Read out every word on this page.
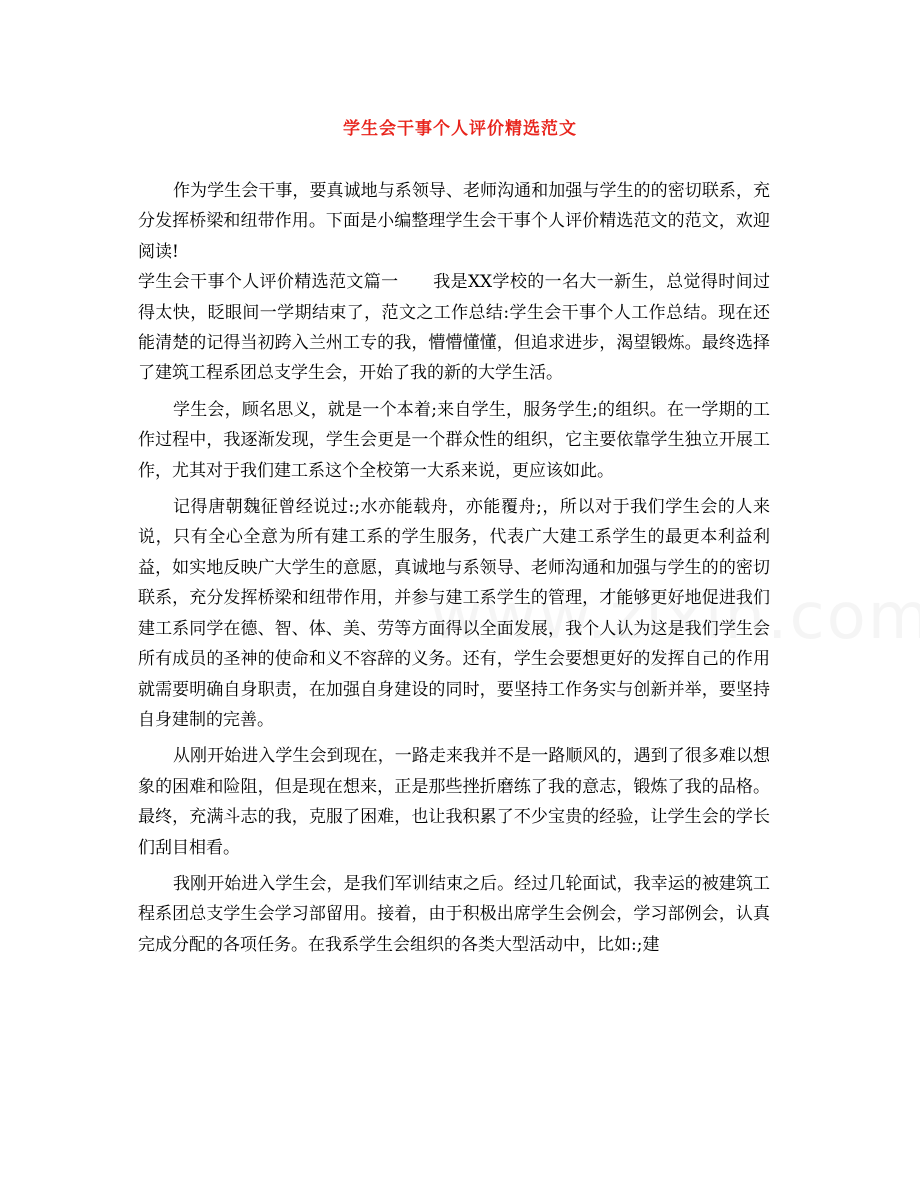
学生会干事个人评价精选范文

作为学生会干事，要真诚地与系领导、老师沟通和加强与学生的的密切联系，充分发挥桥梁和纽带作用。下面是小编整理学生会干事个人评价精选范文的范文，欢迎阅读!

学生会干事个人评价精选范文篇一　　 我是XX学校的一名大一新生，总觉得时间过得太快，眨眼间一学期结束了，范文之工作总结:学生会干事个人工作总结。现在还能清楚的记得当初跨入兰州工专的我，懵懵懂懂，但追求进步，渴望锻炼。最终选择了建筑工程系团总支学生会，开始了我的新的大学生活。

学生会，顾名思义，就是一个本着;来自学生，服务学生;的组织。在一学期的工作过程中，我逐渐发现，学生会更是一个群众性的组织，它主要依靠学生独立开展工作，尤其对于我们建工系这个全校第一大系来说，更应该如此。

记得唐朝魏征曾经说过:;水亦能载舟，亦能覆舟;，所以对于我们学生会的人来说，只有全心全意为所有建工系的学生服务，代表广大建工系学生的最更本利益利益，如实地反映广大学生的意愿，真诚地与系领导、老师沟通和加强与学生的的密切联系，充分发挥桥梁和纽带作用，并参与建工系学生的管理，才能够更好地促进我们建工系同学在德、智、体、美、劳等方面得以全面发展，我个人认为这是我们学生会所有成员的圣神的使命和义不容辞的义务。还有，学生会要想更好的发挥自己的作用就需要明确自身职责，在加强自身建设的同时，要坚持工作务实与创新并举，要坚持自身建制的完善。

从刚开始进入学生会到现在，一路走来我并不是一路顺风的，遇到了很多难以想象的困难和险阻，但是现在想来，正是那些挫折磨练了我的意志，锻炼了我的品格。最终，充满斗志的我，克服了困难，也让我积累了不少宝贵的经验，让学生会的学长们刮目相看。

我刚开始进入学生会，是我们军训结束之后。经过几轮面试，我幸运的被建筑工程系团总支学生会学习部留用。接着，由于积极出席学生会例会，学习部例会，认真完成分配的各项任务。在我系学生会组织的各类大型活动中，比如:;建
